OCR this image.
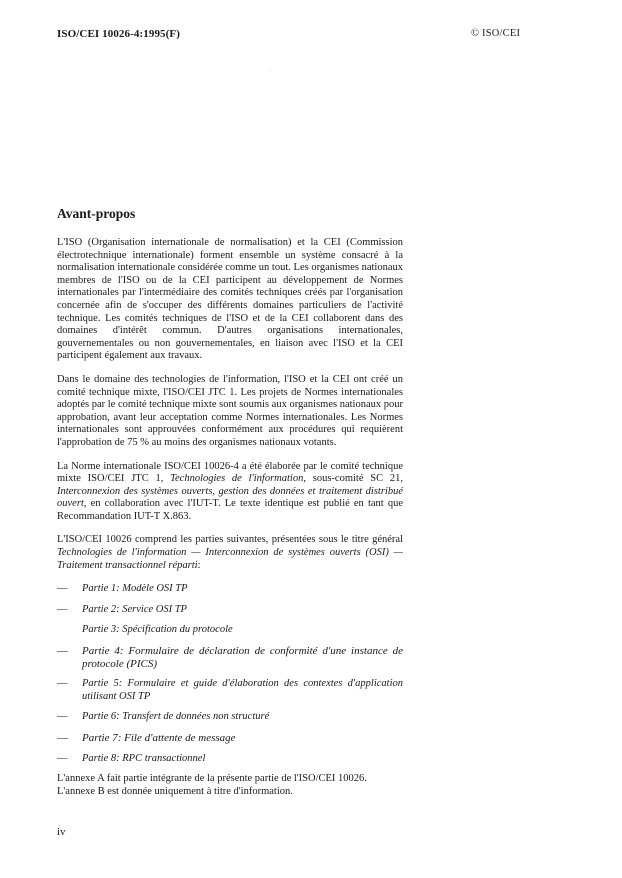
ISO/CEI 10026-4:1995(F)	© ISO/CEI
Avant-propos

L'ISO (Organisation internationale de normalisation) et la CEI (Commission électrotechnique internationale) forment ensemble un système consacré à la normalisation internationale considérée comme un tout. Les organismes nationaux membres de l'ISO ou de la CEI participent au développement de Normes internationales par l'intermédiaire des comités techniques créés par l'organisation concernée afin de s'occuper des différents domaines particuliers de l'activité technique. Les comités techniques de l'ISO et de la CEI collaborent dans des domaines d'intérêt commun. D'autres organisations internationales, gouvernementales ou non gouvernementales, en liaison avec l'ISO et la CEI participent également aux travaux.

Dans le domaine des technologies de l'information, l'ISO et la CEI ont créé un comité technique mixte, l'ISO/CEI JTC 1. Les projets de Normes internationales adoptés par le comité technique mixte sont soumis aux organismes nationaux pour approbation, avant leur acceptation comme Normes internationales. Les Normes internationales sont approuvées conformément aux procédures qui requièrent l'approbation de 75 % au moins des organismes nationaux votants.

La Norme internationale ISO/CEI 10026-4 a été élaborée par le comité technique mixte ISO/CEI JTC 1, Technologies de l'information, sous-comité SC 21, Interconnexion des systèmes ouverts, gestion des données et traitement distribué ouvert, en collaboration avec l'IUT-T. Le texte identique est publié en tant que Recommandation IUT-T X.863.

L'ISO/CEI 10026 comprend les parties suivantes, présentées sous le titre général Technologies de l'information — Interconnexion de systèmes ouverts (OSI) — Traitement transactionnel réparti:

— Partie 1: Modèle OSI TP
— Partie 2: Service OSI TP
Partie 3: Spécification du protocole
— Partie 4: Formulaire de déclaration de conformité d'une instance de protocole (PICS)
— Partie 5: Formulaire et guide d'élaboration des contextes d'application utilisant OSI TP
— Partie 6: Transfert de données non structuré
— Partie 7: File d'attente de message
— Partie 8: RPC transactionnel
L'annexe A fait partie intégrante de la présente partie de l'ISO/CEI 10026.
L'annexe B est donnée uniquement à titre d'information.
iv
